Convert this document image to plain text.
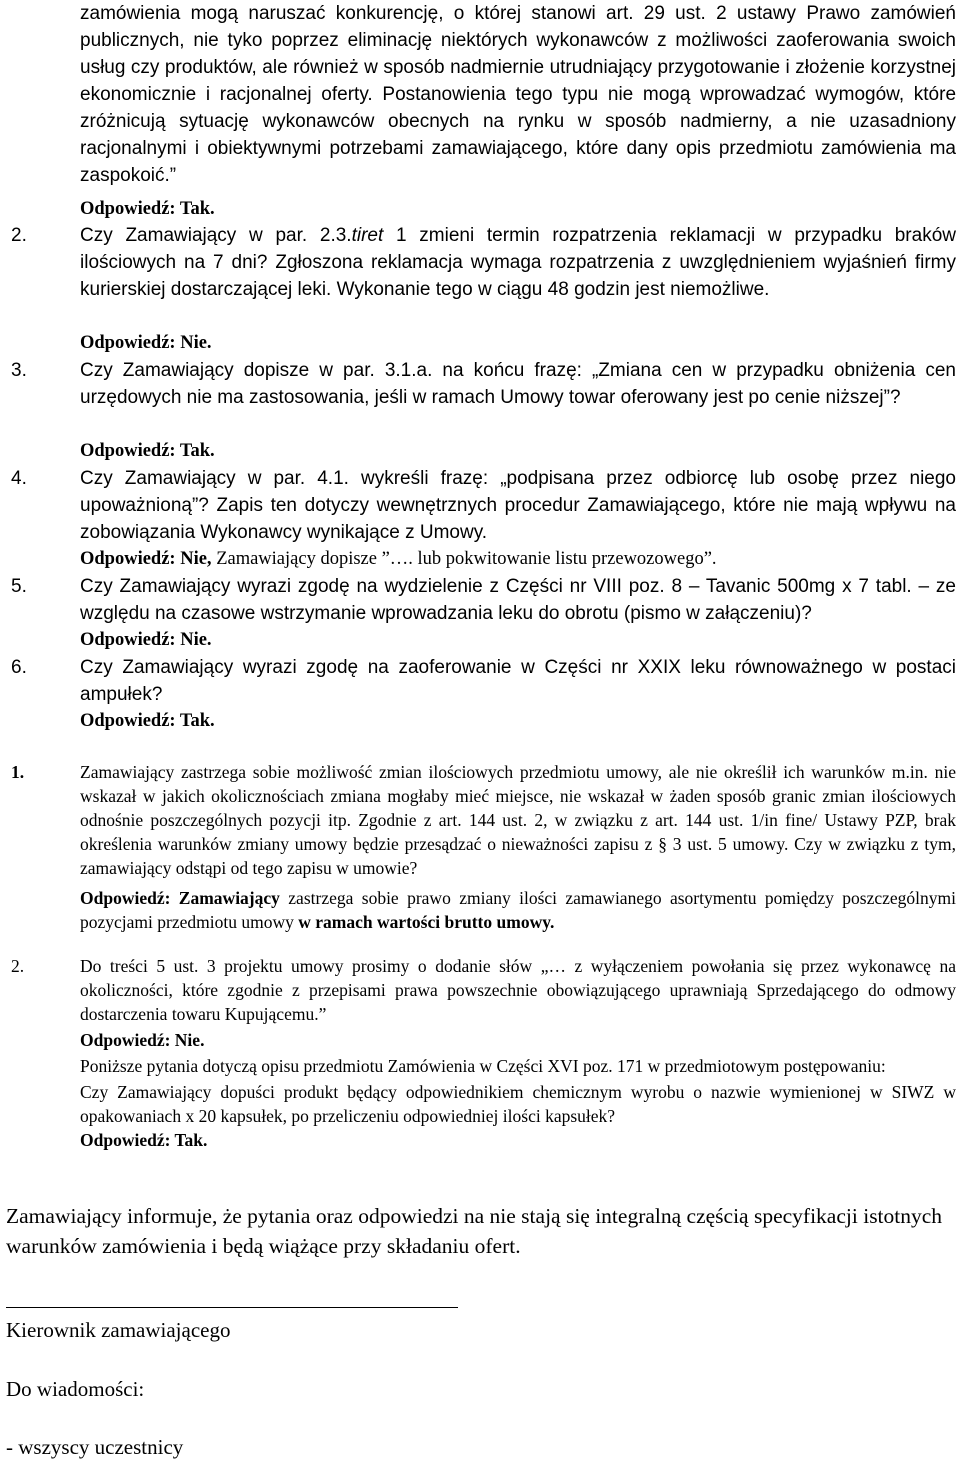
zamówienia mogą naruszać konkurencję, o której stanowi art. 29 ust. 2 ustawy Prawo zamówień publicznych, nie tyko poprzez eliminację niektórych wykonawców z możliwości zaoferowania swoich usług czy produktów, ale również w sposób nadmiernie utrudniający przygotowanie i złożenie korzystnej ekonomicznie i racjonalnej oferty. Postanowienia tego typu nie mogą wprowadzać wymogów, które zróżnicują sytuację wykonawców obecnych na rynku w sposób nadmierny, a nie uzasadniony racjonalnymi i obiektywnymi potrzebami zamawiającego, które dany opis przedmiotu zamówienia ma zaspokoić.”

Odpowiedź: Tak.

2.	Czy Zamawiający w par. 2.3.tiret 1 zmieni termin rozpatrzenia reklamacji w przypadku braków ilościowych na 7 dni? Zgłoszona reklamacja wymaga rozpatrzenia z uwzględnieniem wyjaśnień firmy kurierskiej dostarczającej leki. Wykonanie tego w ciągu 48 godzin jest niemożliwe.

Odpowiedź: Nie.

3.	Czy Zamawiający dopisze w par. 3.1.a. na końcu frazę: „Zmiana cen w przypadku obniżenia cen urzędowych nie ma zastosowania, jeśli w ramach Umowy towar oferowany jest po cenie niższej”?

Odpowiedź: Tak.

4.	Czy Zamawiający w par. 4.1. wykreśli frazę: „podpisana przez odbiorcę lub osobę przez niego upoważnioną”? Zapis ten dotyczy wewnętrznych procedur Zamawiającego, które nie mają wpływu na zobowiązania Wykonawcy wynikające z Umowy.

Odpowiedź: Nie, Zamawiający dopisze ”…. lub pokwitowanie listu przewozowego”.

5.	Czy Zamawiający wyrazi zgodę na wydzielenie z Części nr VIII poz. 8 – Tavanic 500mg x 7 tabl. – ze względu na czasowe wstrzymanie wprowadzania leku do obrotu (pismo w załączeniu)?

Odpowiedź: Nie.

6.	Czy Zamawiający wyrazi zgodę na zaoferowanie w Części nr XXIX leku równoważnego w postaci ampułek?

Odpowiedź: Tak.

1.	Zamawiający zastrzega sobie możliwość zmian ilościowych przedmiotu umowy, ale nie określił ich warunków m.in. nie wskazał w jakich okolicznościach zmiana mogłaby mieć miejsce, nie wskazał w żaden sposób granic zmian ilościowych odnośnie poszczególnych pozycji itp. Zgodnie z art. 144 ust. 2, w związku z art. 144 ust. 1/in fine/ Ustawy PZP, brak określenia warunków zmiany umowy będzie przesądzać o nieważności zapisu z § 3 ust. 5 umowy. Czy w związku z tym, zamawiający odstąpi od tego zapisu w umowie?

Odpowiedź: Zamawiający zastrzega sobie prawo zmiany ilości zamawianego asortymentu pomiędzy poszczególnymi pozycjami przedmiotu umowy w ramach wartości brutto umowy.

2.	Do treści 5 ust. 3 projektu umowy prosimy o dodanie słów „… z wyłączeniem powołania się przez wykonawcę na okoliczności, które zgodnie z przepisami prawa powszechnie obowiązującego uprawniają Sprzedającego do odmowy dostarczenia towaru Kupującemu.”

Odpowiedź: Nie.

Poniższe pytania dotyczą opisu przedmiotu Zamówienia w Części XVI poz. 171 w przedmiotowym postępowaniu:

Czy Zamawiający dopuści produkt będący odpowiednikiem chemicznym wyrobu o nazwie wymienionej w SIWZ w opakowaniach x 20 kapsułek, po przeliczeniu odpowiedniej ilości kapsułek?

Odpowiedź: Tak.

Zamawiający informuje, że pytania oraz odpowiedzi na nie stają się integralną częścią specyfikacji istotnych warunków zamówienia i będą wiążące przy składaniu ofert.

Kierownik zamawiającego

Do wiadomości:

- wszyscy uczestnicy
